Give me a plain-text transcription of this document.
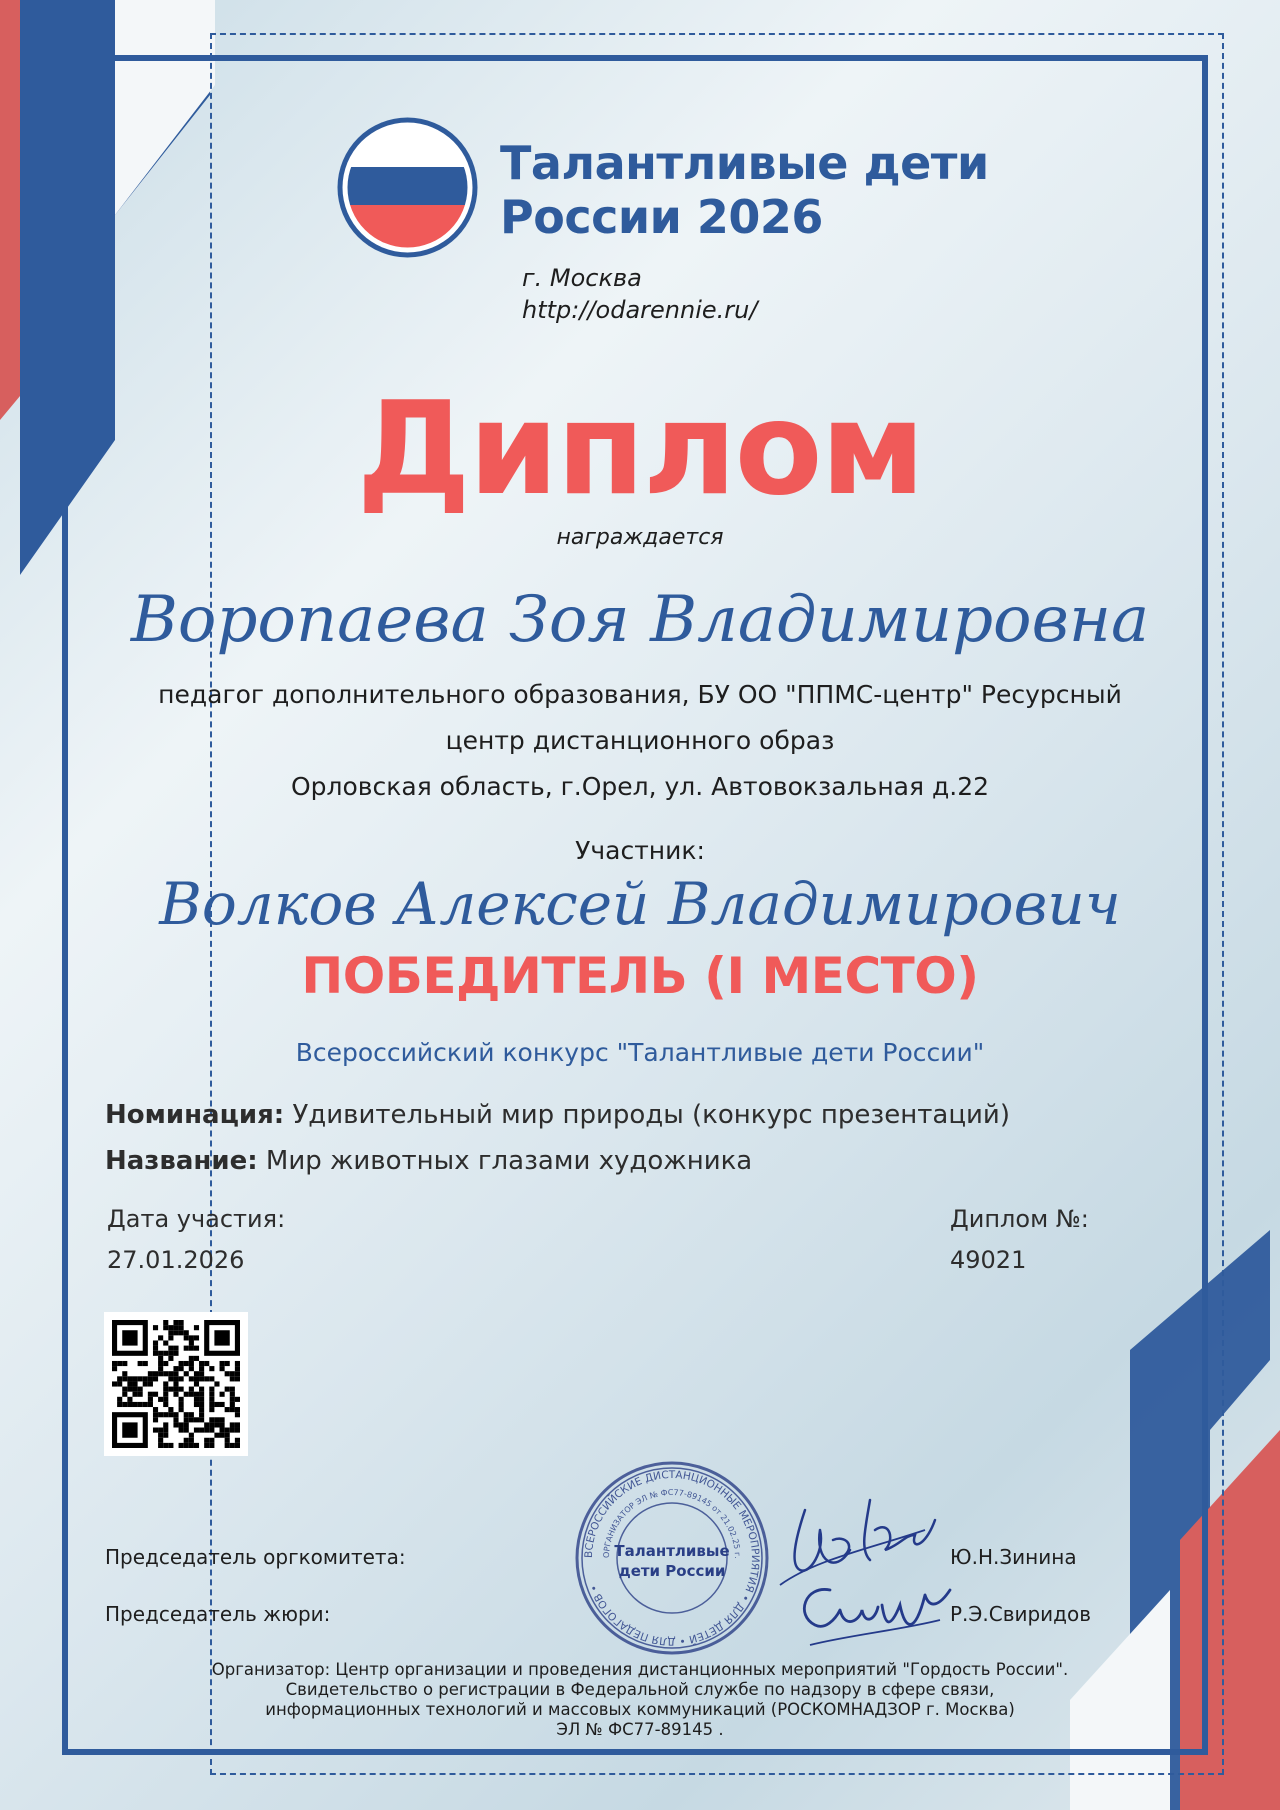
Талантливые дети
России 2026
г. Москва
http://odarennie.ru/
Диплом
награждается
Воропаева Зоя Владимировна
педагог дополнительного образования, БУ ОО "ППМС-центр" Ресурсный
центр дистанционного образ
Орловская область, г.Орел, ул. Автовокзальная д.22
Участник:
Волков Алексей Владимирович
ПОБЕДИТЕЛЬ (I МЕСТО)
Всероссийский конкурс "Талантливые дети России"
Номинация: Удивительный мир природы (конкурс презентаций)
Название: Мир животных глазами художника
Дата участия:
27.01.2026
Диплом №:
49021
ВСЕРОССИЙСКИЕ ДИСТАНЦИОННЫЕ МЕРОПРИЯТИЯ • ДЛЯ ДЕТЕЙ • ДЛЯ ПЕДАГОГОВ •
ОРГАНИЗАТОР ЭЛ № ФС77-89145 от 21.02.25 г.
Талантливые
дети России
Председатель оргкомитета:
Председатель жюри:
Ю.Н.Зинина
Р.Э.Свиридов
Организатор: Центр организации и проведения дистанционных мероприятий "Гордость России".
Свидетельство о регистрации в Федеральной службе по надзору в сфере связи,
информационных технологий и массовых коммуникаций (РОСКОМНАДЗОР г. Москва)
ЭЛ № ФС77-89145 .
